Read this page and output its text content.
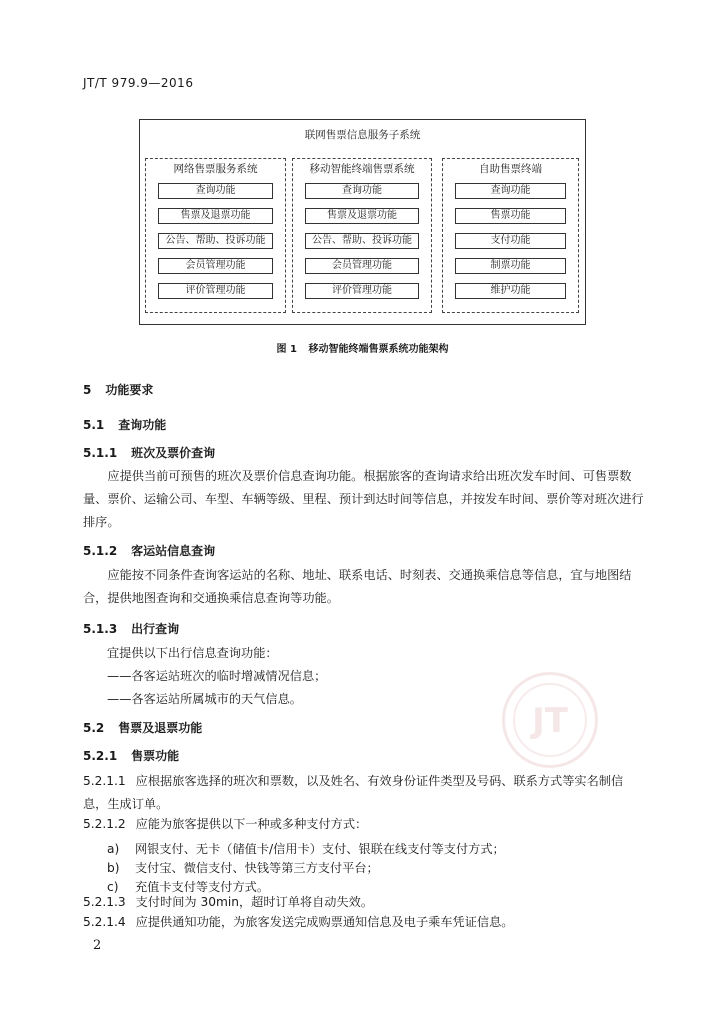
JT/T 979.9—2016
联网售票信息服务子系统
网络售票服务系统
查询功能
售票及退票功能
公告、帮助、投诉功能
会员管理功能
评价管理功能
移动智能终端售票系统
查询功能
售票及退票功能
公告、帮助、投诉功能
会员管理功能
评价管理功能
自助售票终端
查询功能
售票功能
支付功能
制票功能
维护功能
图 1 移动智能终端售票系统功能架构
JT
5 功能要求
5.1 查询功能
5.1.1 班次及票价查询
应提供当前可预售的班次及票价信息查询功能。根据旅客的查询请求给出班次发车时间、可售票数量、票价、运输公司、车型、车辆等级、里程、预计到达时间等信息，并按发车时间、票价等对班次进行排序。
5.1.2 客运站信息查询
应能按不同条件查询客运站的名称、地址、联系电话、时刻表、交通换乘信息等信息，宜与地图结合，提供地图查询和交通换乘信息查询等功能。
5.1.3 出行查询
宜提供以下出行信息查询功能：
——各客运站班次的临时增减情况信息；
——各客运站所属城市的天气信息。
5.2 售票及退票功能
5.2.1 售票功能
5.2.1.1 应根据旅客选择的班次和票数，以及姓名、有效身份证件类型及号码、联系方式等实名制信息，生成订单。
5.2.1.2 应能为旅客提供以下一种或多种支付方式：
a) 网银支付、无卡（储值卡/信用卡）支付、银联在线支付等支付方式；
b) 支付宝、微信支付、快钱等第三方支付平台；
c) 充值卡支付等支付方式。
5.2.1.3 支付时间为 30min，超时订单将自动失效。
5.2.1.4 应提供通知功能，为旅客发送完成购票通知信息及电子乘车凭证信息。
2
